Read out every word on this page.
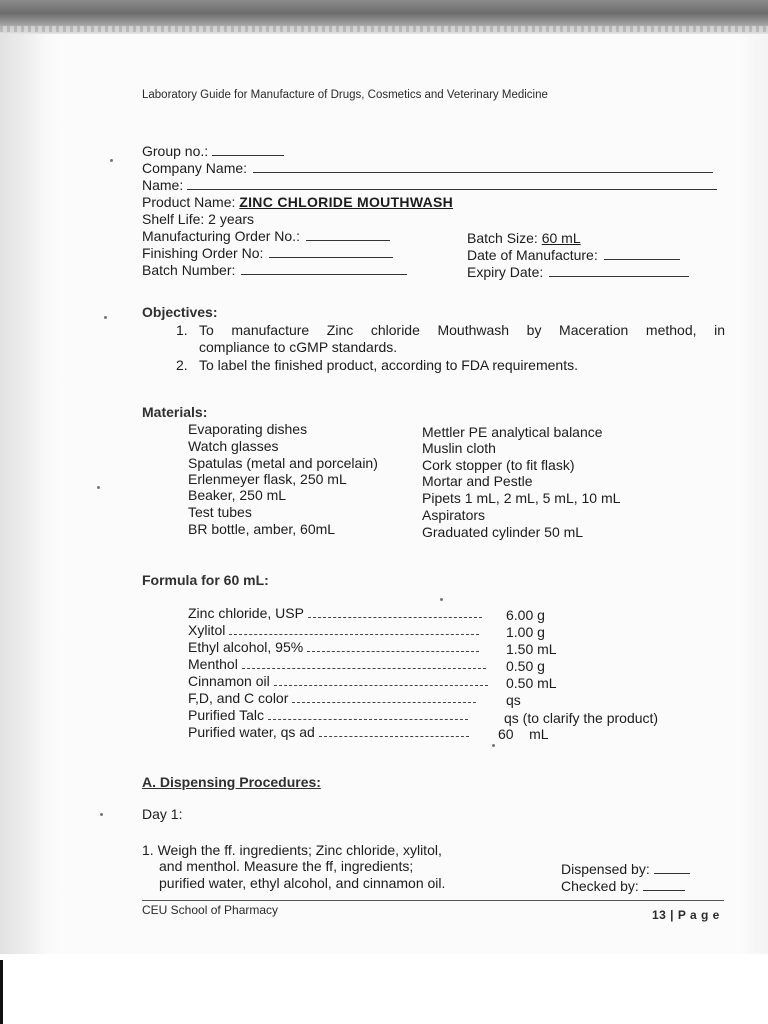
Laboratory Guide for Manufacture of Drugs, Cosmetics and Veterinary Medicine
Group no.:
Company Name:
Name:
Product Name: ZINC CHLORIDE MOUTHWASH
Shelf Life: 2 years
Manufacturing Order No.:
Finishing Order No:
Batch Number:
Batch Size: 60 mL
Date of Manufacture:
Expiry Date:
Objectives:
1. To manufacture Zinc chloride Mouthwash by Maceration method, in
compliance to cGMP standards.
2. To label the finished product, according to FDA requirements.
Materials:
Evaporating dishes
Watch glasses
Spatulas (metal and porcelain)
Erlenmeyer flask, 250 mL
Beaker, 250 mL
Test tubes
BR bottle, amber, 60mL
Mettler PE analytical balance
Muslin cloth
Cork stopper (to fit flask)
Mortar and Pestle
Pipets 1 mL, 2 mL, 5 mL, 10 mL
Aspirators
Graduated cylinder 50 mL
Formula for 60 mL:
Zinc chloride, USP	6.00 g
Xylitol	1.00 g
Ethyl alcohol, 95%	1.50 mL
Menthol	0.50 g
Cinnamon oil	0.50 mL
F,D, and C color	qs
Purified Talc	qs (to clarify the product)
Purified water, qs ad	60    mL
A. Dispensing Procedures:
Day 1:
1. Weigh the ff. ingredients; Zinc chloride, xylitol,
and menthol. Measure the ff, ingredients;
purified water, ethyl alcohol, and cinnamon oil.
Dispensed by:
Checked by:
CEU School of Pharmacy	13 | P a g e
